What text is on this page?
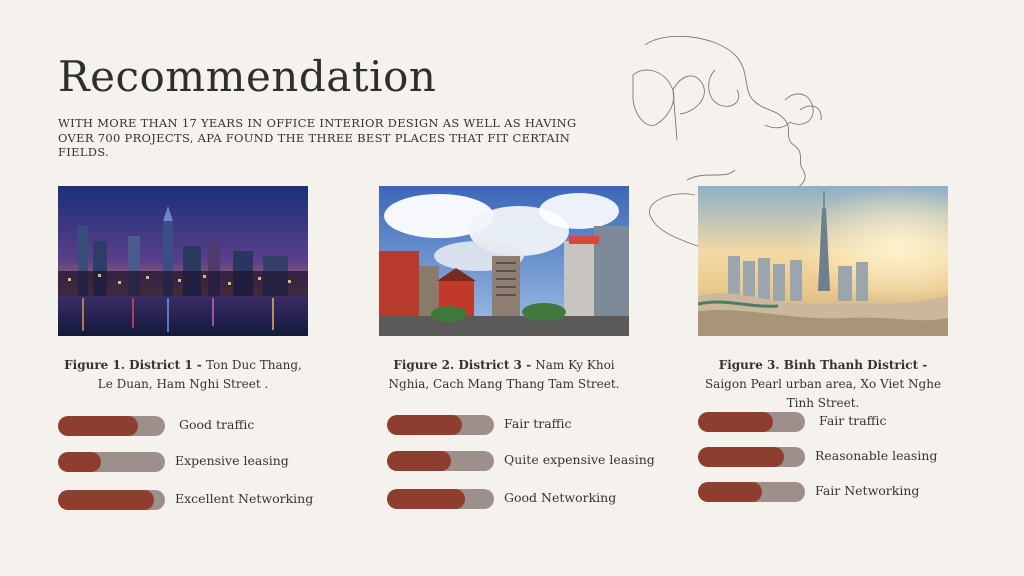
Recommendation
WITH MORE THAN 17 YEARS IN OFFICE INTERIOR DESIGN AS WELL AS HAVING OVER 700 PROJECTS, APA FOUND THE THREE BEST PLACES THAT FIT CERTAIN FIELDS.
Figure 1. District 1 - Ton Duc Thang, Le Duan, Ham Nghi Street .
Good traffic
Expensive leasing
Excellent Networking
Figure 2. District 3 - Nam Ky Khoi Nghia, Cach Mang Thang Tam Street.
Fair traffic
Quite expensive leasing
Good Networking
Figure 3. Binh Thanh District - Saigon Pearl urban area, Xo Viet Nghe Tinh Street.
Fair traffic
Reasonable leasing
Fair Networking
